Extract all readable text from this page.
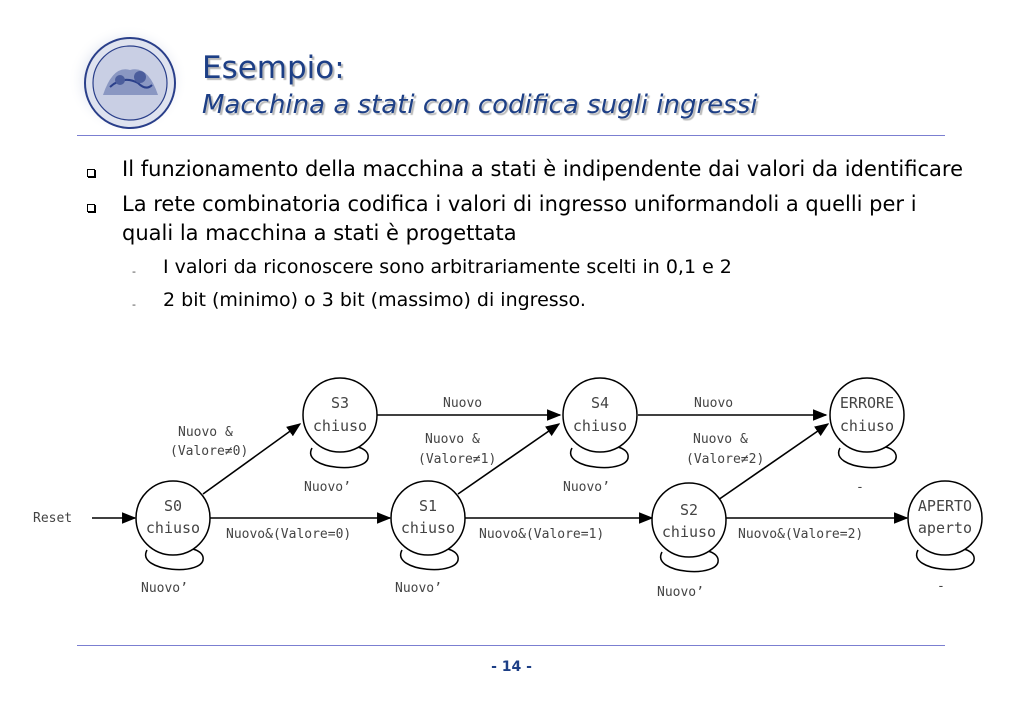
Esempio:
Macchina a stati con codifica sugli ingressi
Il funzionamento della macchina a stati è indipendente dai valori da identificare
La rete combinatoria codifica i valori di ingresso uniformandoli a quelli per i quali la macchina a stati è progettata
- I valori da riconoscere sono arbitrariamente scelti in 0,1 e 2
- 2 bit (minimo) o 3 bit (massimo) di ingresso.
S3
chiuso
S4
chiuso
ERRORE
chiuso
S0
chiuso
S1
chiuso
S2
chiuso
APERTO
aperto
Reset
Nuovo &
(Valore≠0)
Nuovo
Nuovo &
(Valore≠1)
Nuovo
Nuovo &
(Valore≠2)
Nuovo&(Valore=0)	Nuovo&(Valore=1)	Nuovo&(Valore=2)
Nuovo’	Nuovo’	-
Nuovo’	Nuovo’	Nuovo’	-
- 14 -
